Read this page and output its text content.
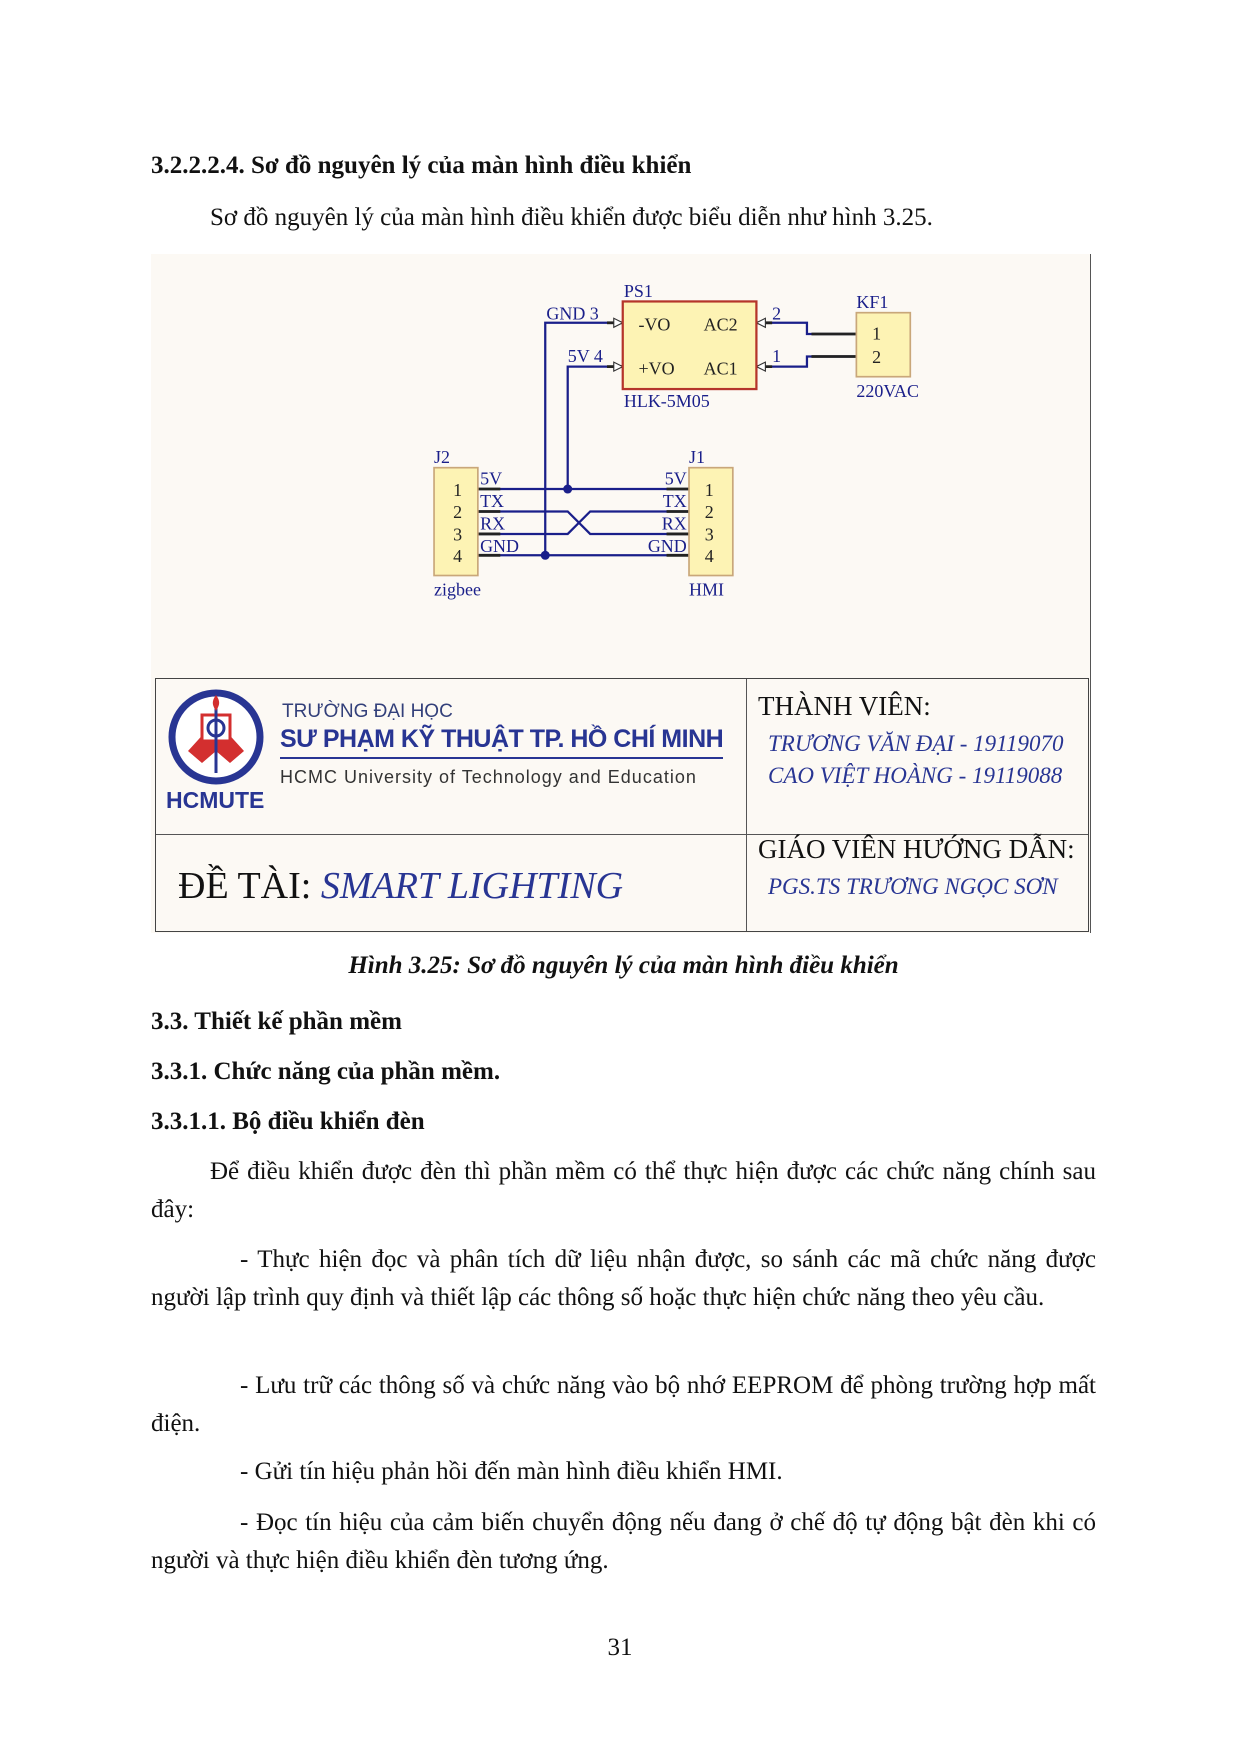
3.2.2.2.4. Sơ đồ nguyên lý của màn hình điều khiển
Sơ đồ nguyên lý của màn hình điều khiển được biểu diễn như hình 3.25.
PS1
HLK-5M05
GND 3
5V 4
2
1
KF1
220VAC
J2
zigbee
J1
HMI
5V
TX
RX
GND
5V
TX
RX
GND
-VO AC2
+VO AC1
1
2
1
2
3
4
1
2
3
4
HCMUTE
TRƯỜNG ĐẠI HỌC
SƯ PHẠM KỸ THUẬT TP. HỒ CHÍ MINH
HCMC University of Technology and Education
THÀNH VIÊN:
TRƯƠNG VĂN ĐẠI - 19119070
CAO VIỆT HOÀNG - 19119088
GIÁO VIÊN HƯỚNG DẪN:
PGS.TS TRƯƠNG NGỌC SƠN
ĐỀ TÀI: SMART LIGHTING
Hình 3.25: Sơ đồ nguyên lý của màn hình điều khiển
3.3. Thiết kế phần mềm
3.3.1. Chức năng của phần mềm.
3.3.1.1. Bộ điều khiển đèn
Để điều khiển được đèn thì phần mềm có thể thực hiện được các chức năng chính sau đây:
- Thực hiện đọc và phân tích dữ liệu nhận được, so sánh các mã chức năng được người lập trình quy định và thiết lập các thông số hoặc thực hiện chức năng theo yêu cầu.
- Lưu trữ các thông số và chức năng vào bộ nhớ EEPROM để phòng trường hợp mất điện.
- Gửi tín hiệu phản hồi đến màn hình điều khiển HMI.
- Đọc tín hiệu của cảm biến chuyển động nếu đang ở chế độ tự động bật đèn khi có người và thực hiện điều khiển đèn tương ứng.
31
